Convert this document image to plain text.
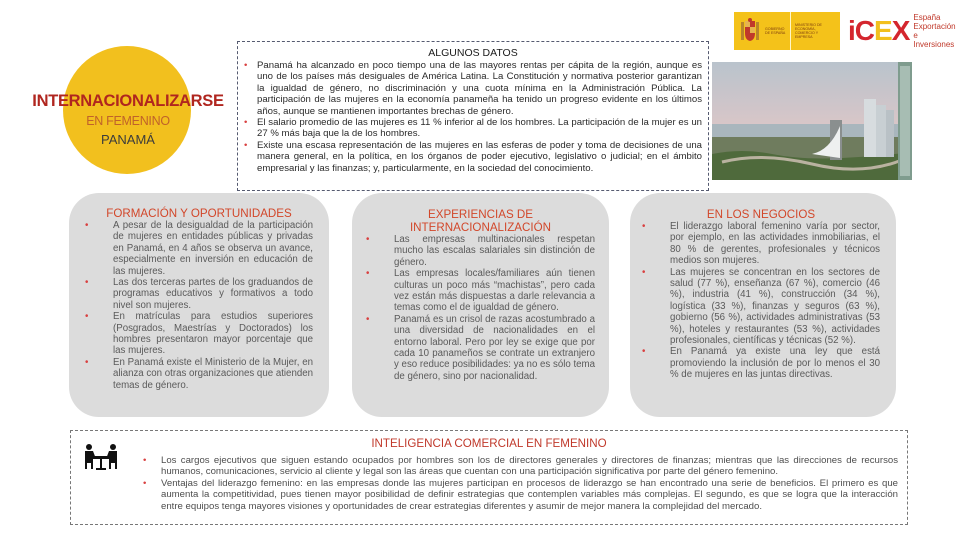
INTERNACIONALIZARSE
EN FEMENINO
PANAMÁ
ALGUNOS DATOS
• Panamá ha alcanzado en poco tiempo una de las mayores rentas per cápita de la región, aunque es uno de los países más desiguales de América Latina. La Constitución y normativa posterior garantizan la igualdad de género, no discriminación y una cuota mínima en la Administración Pública. La participación de las mujeres en la economía panameña ha tenido un progreso evidente en los últimos años, aunque se mantienen importantes brechas de género.
• El salario promedio de las mujeres es 11 % inferior al de los hombres. La participación de la mujer es un 27 % más baja que la de los hombres.
• Existe una escasa representación de las mujeres en las esferas de poder y toma de decisiones de una manera general, en la política, en los órganos de poder ejecutivo, legislativo o judicial; en el ámbito empresarial y las finanzas; y, particularmente, en la sociedad del conocimiento.
GOBIERNO DE ESPAÑA
MINISTERIO DE ECONOMÍA, COMERCIO Y EMPRESA	iCEX España
Exportación
e Inversiones
FORMACIÓN Y OPORTUNIDADES
•	A pesar de la desigualdad de la participación de mujeres en entidades públicas y privadas en Panamá, en 4 años se observa un avance, especialmente en inversión en educación de las mujeres.
•	Las dos terceras partes de los graduandos de programas educativos y formativos a todo nivel son mujeres.
•	En matrículas para estudios superiores (Posgrados, Maestrías y Doctorados) los hombres presentaron mayor porcentaje que las mujeres.
•	En Panamá existe el Ministerio de la Mujer, en alianza con otras organizaciones que atienden temas de género.
EXPERIENCIAS DE INTERNACIONALIZACIÓN
•	Las empresas multinacionales respetan mucho las escalas salariales sin distinción de género.
•	Las empresas locales/familiares aún tienen culturas un poco más “machistas”, pero cada vez están más dispuestas a darle relevancia a temas como el de igualdad de género.
•	Panamá es un crisol de razas acostumbrado a una diversidad de nacionalidades en el entorno laboral. Pero por ley se exige que por cada 10 panameños se contrate un extranjero y eso reduce posibilidades: ya no es sólo tema de género, sino por nacionalidad.
EN LOS NEGOCIOS
•	El liderazgo laboral femenino varía por sector, por ejemplo, en las actividades inmobiliarias, el 80 % de gerentes, profesionales y técnicos medios son mujeres.
•	Las mujeres se concentran en los sectores de salud (77 %), enseñanza (67 %), comercio (46 %), industria (41 %), construcción (34 %), logística (33 %), finanzas y seguros (63 %), gobierno (56 %), actividades administrativas (53 %), hoteles y restaurantes (53 %), actividades profesionales, científicas y técnicas (52 %).
•	En Panamá ya existe una ley que está promoviendo la inclusión de por lo menos el 30 % de mujeres en las juntas directivas.
INTELIGENCIA COMERCIAL EN FEMENINO
• Los cargos ejecutivos que siguen estando ocupados por hombres son los de directores generales y directores de finanzas; mientras que las direcciones de recursos humanos, comunicaciones, servicio al cliente y legal son las áreas que cuentan con una participación significativa por parte del género femenino.
• Ventajas del liderazgo femenino: en las empresas donde las mujeres participan en procesos de liderazgo se han encontrado una serie de beneficios. El primero es que aumenta la competitividad, pues tienen mayor posibilidad de definir estrategias que contemplen variables más complejas. El segundo, es que se logra que la interacción entre equipos tenga mayores visiones y oportunidades de crear estrategias diferentes y asumir de mejor manera la complejidad del mercado.
